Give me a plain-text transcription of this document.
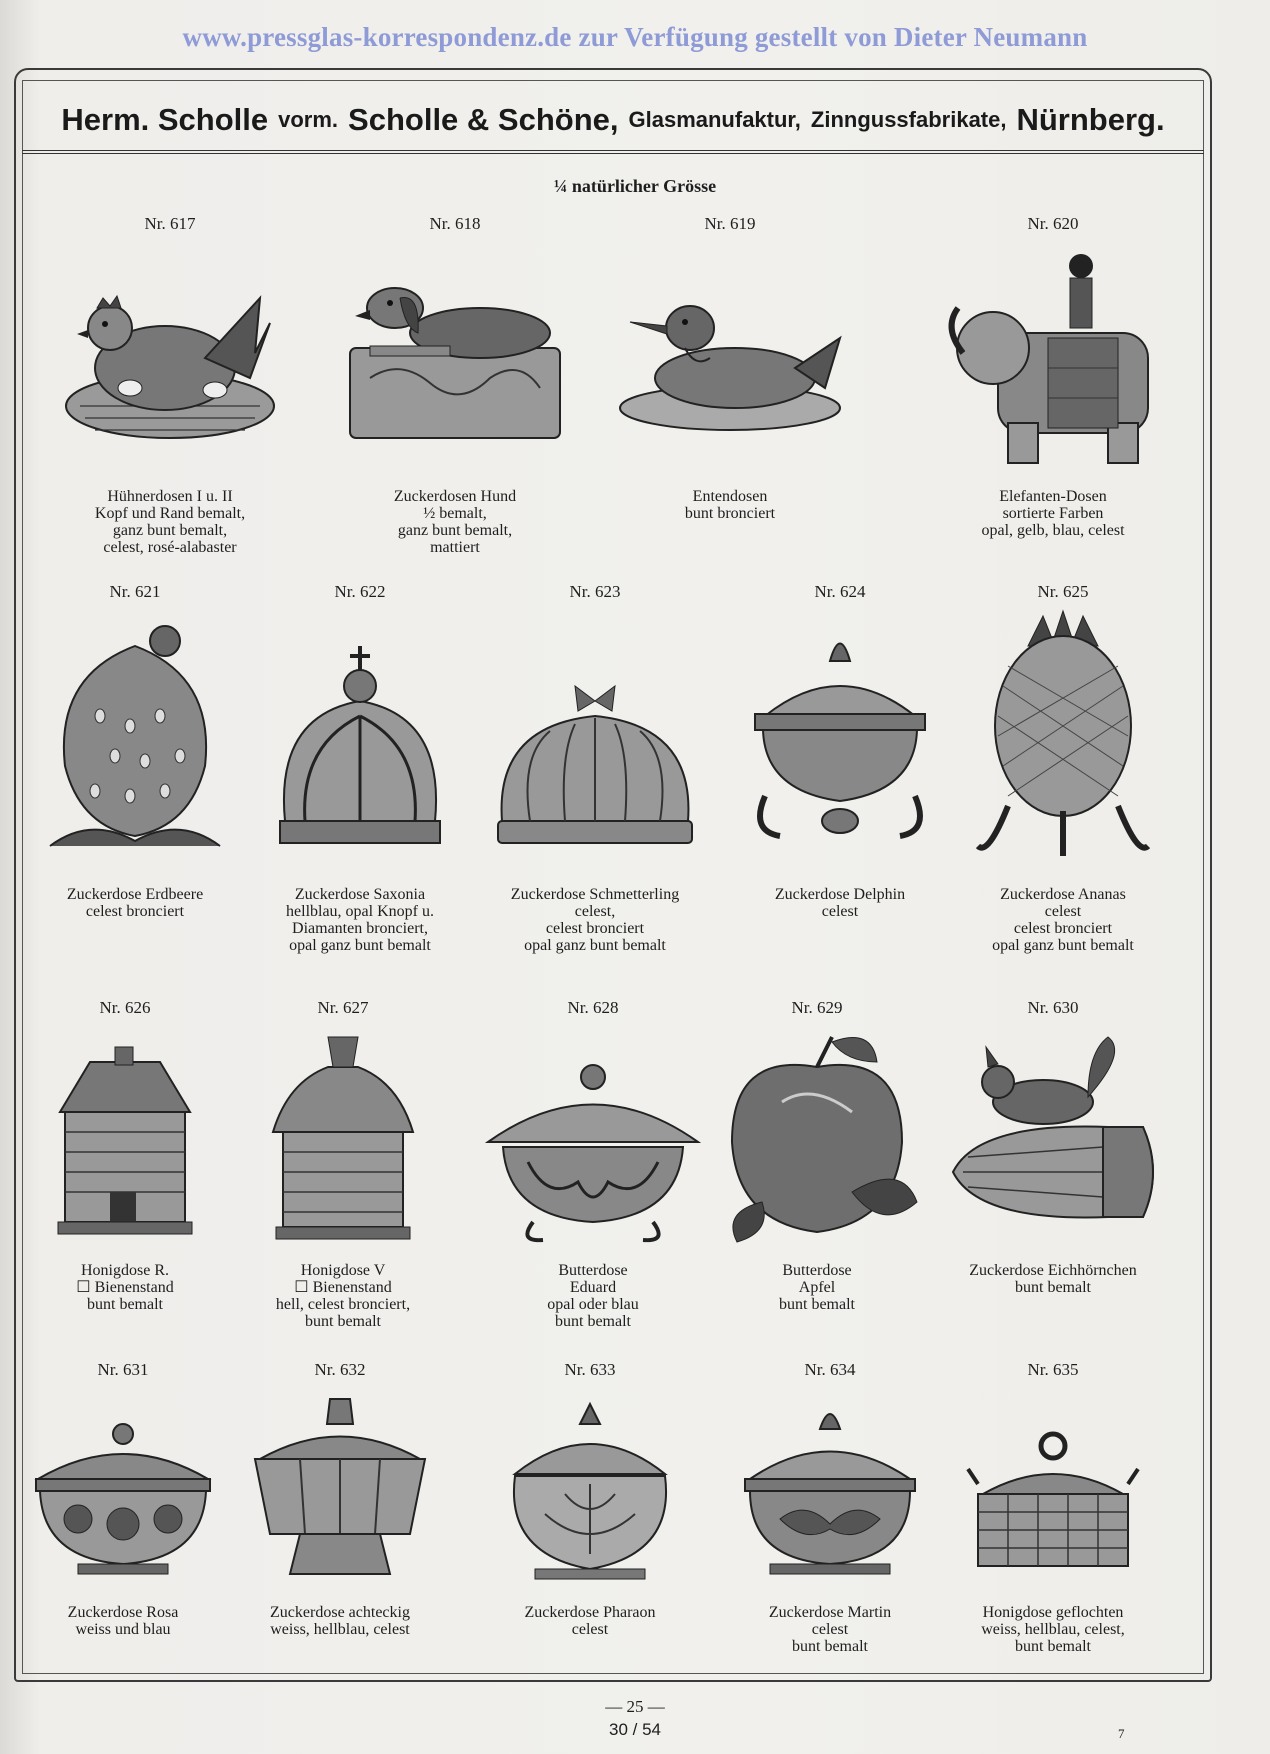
www.pressglas-korrespondenz.de zur Verfügung gestellt von Dieter Neumann
Herm. Scholle vorm. Scholle & Schöne, Glasmanufaktur, Zinngussfabrikate, Nürnberg.
¼ natürlicher Grösse
Nr. 617
Hühnerdosen I u. II
Kopf und Rand bemalt,
ganz bunt bemalt,
celest, rosé-alabaster
Nr. 618
Zuckerdosen Hund
½ bemalt,
ganz bunt bemalt,
mattiert
Nr. 619
Entendosen
bunt bronciert
Nr. 620
Elefanten-Dosen
sortierte Farben
opal, gelb, blau, celest
Nr. 621
Zuckerdose Erdbeere
celest bronciert
Nr. 622
Zuckerdose Saxonia
hellblau, opal Knopf u.
Diamanten bronciert,
opal ganz bunt bemalt
Nr. 623
Zuckerdose Schmetterling
celest,
celest bronciert
opal ganz bunt bemalt
Nr. 624
Zuckerdose Delphin
celest
Nr. 625
Zuckerdose Ananas
celest
celest bronciert
opal ganz bunt bemalt
Nr. 626
Honigdose R.
☐ Bienenstand
bunt bemalt
Nr. 627
Honigdose V
☐ Bienenstand
hell, celest bronciert,
bunt bemalt
Nr. 628
Butterdose
Eduard
opal oder blau
bunt bemalt
Nr. 629
Butterdose
Apfel
bunt bemalt
Nr. 630
Zuckerdose Eichhörnchen
bunt bemalt
Nr. 631
Zuckerdose Rosa
weiss und blau
Nr. 632
Zuckerdose achteckig
weiss, hellblau, celest
Nr. 633
Zuckerdose Pharaon
celest
Nr. 634
Zuckerdose Martin
celest
bunt bemalt
Nr. 635
Honigdose geflochten
weiss, hellblau, celest,
bunt bemalt
— 25 —
30 / 54	7
